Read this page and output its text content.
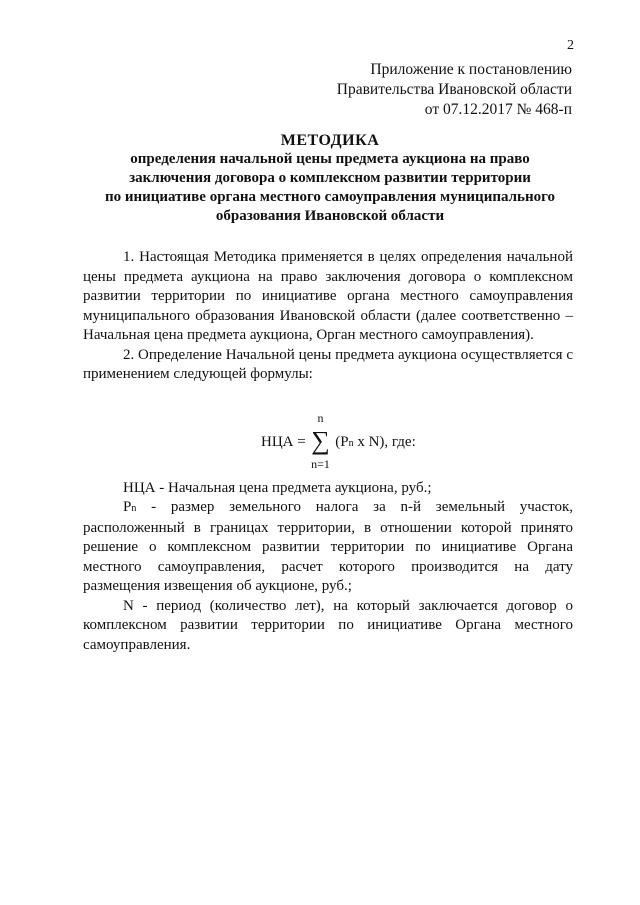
2
Приложение к постановлению
Правительства Ивановской области
от 07.12.2017 № 468-п
МЕТОДИКА
определения начальной цены предмета аукциона на право
заключения договора о комплексном развитии территории
по инициативе органа местного самоуправления муниципального
образования Ивановской области

1. Настоящая Методика применяется в целях определения начальной цены предмета аукциона на право заключения договора о комплексном развитии территории по инициативе органа местного самоуправления муниципального образования Ивановской области (далее соответственно – Начальная цена предмета аукциона, Орган местного самоуправления).

2. Определение Начальной цены предмета аукциона осуществляется с применением следующей формулы:

НЦА =
n
∑
n=1
(Pn x N), где:

НЦА - Начальная цена предмета аукциона, руб.;

Pn - размер земельного налога за n-й земельный участок, расположенный в границах территории, в отношении которой принято решение о комплексном развитии территории по инициативе Органа местного самоуправления, расчет которого производится на дату размещения извещения об аукционе, руб.;

N - период (количество лет), на который заключается договор о комплексном развитии территории по инициативе Органа местного самоуправления.
